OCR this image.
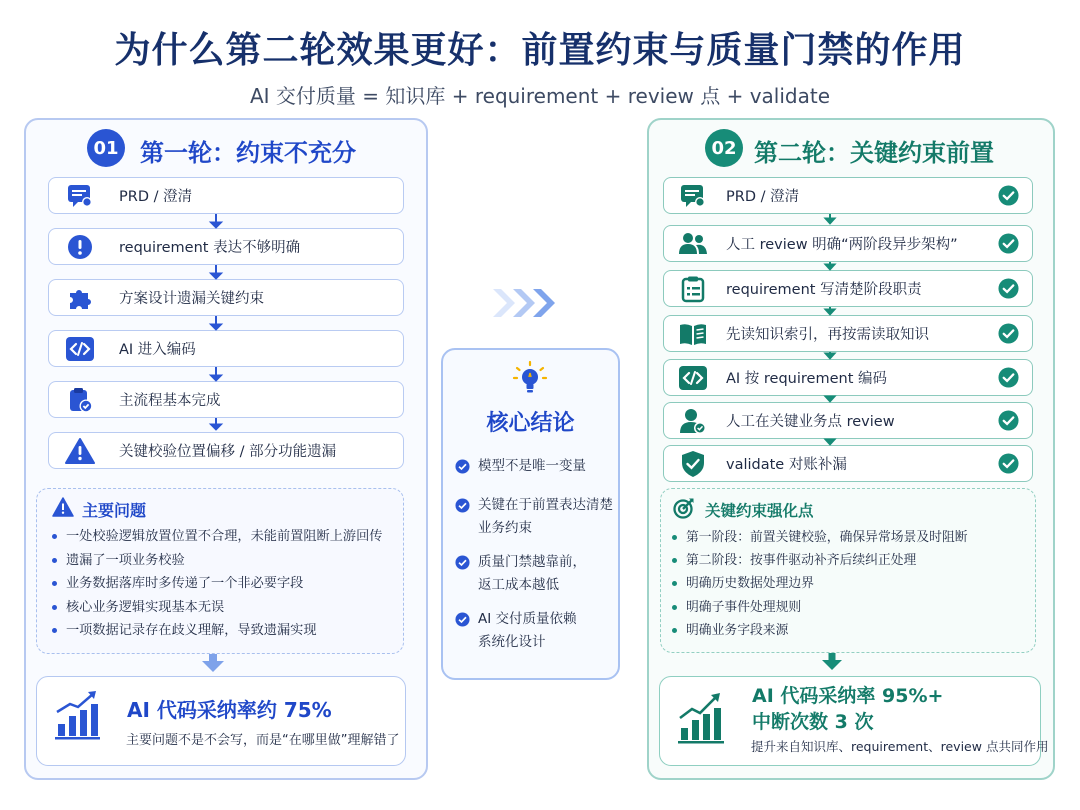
为什么第二轮效果更好：前置约束与质量门禁的作用
AI 交付质量 = 知识库 + requirement + review 点 + validate
01 第一轮：约束不充分
PRD / 澄清
requirement 表达不够明确
方案设计遗漏关键约束
AI 进入编码
主流程基本完成
关键校验位置偏移 / 部分功能遗漏
主要问题
一处校验逻辑放置位置不合理，未能前置阻断上游回传
遗漏了一项业务校验
业务数据落库时多传递了一个非必要字段
核心业务逻辑实现基本无误
一项数据记录存在歧义理解，导致遗漏实现
AI 代码采纳率约 75%
主要问题不是不会写，而是“在哪里做”理解错了
核心结论
模型不是唯一变量
关键在于前置表达清楚
业务约束
质量门禁越靠前，
返工成本越低
AI 交付质量依赖
系统化设计
02 第二轮：关键约束前置
PRD / 澄清
人工 review 明确“两阶段异步架构”
requirement 写清楚阶段职责
先读知识索引，再按需读取知识
AI 按 requirement 编码
人工在关键业务点 review
validate 对账补漏
关键约束强化点
第一阶段：前置关键校验，确保异常场景及时阻断
第二阶段：按事件驱动补齐后续纠正处理
明确历史数据处理边界
明确子事件处理规则
明确业务字段来源
AI 代码采纳率 95%+
中断次数 3 次
提升来自知识库、requirement、review 点共同作用
